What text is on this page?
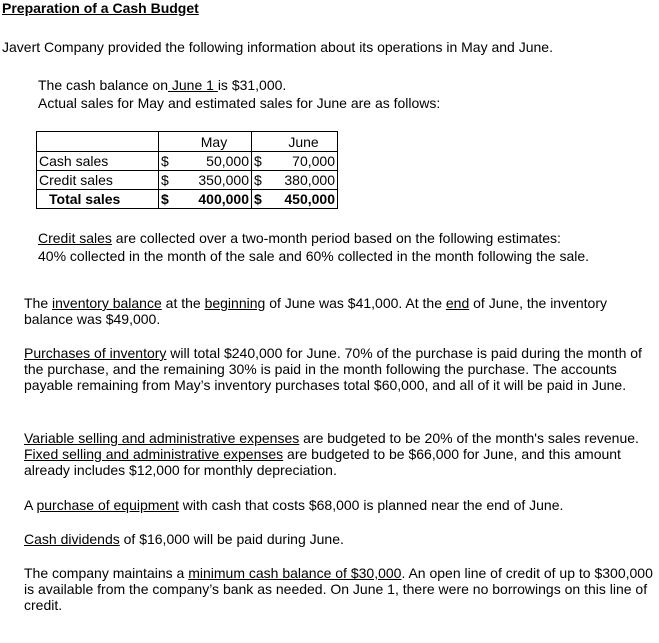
Preparation of a Cash Budget
Javert Company provided the following information about its operations in May and June.
The cash balance on June 1 is $31,000.
Actual sales for May and estimated sales for June are as follows:
		May		June
Cash sales	$	50,000	$	70,000
Credit sales	$	350,000	$	380,000
Total sales	$	400,000	$	450,000
Credit sales are collected over a two-month period based on the following estimates:
40% collected in the month of the sale and 60% collected in the month following the sale.
The inventory balance at the beginning of June was $41,000. At the end of June, the inventory balance was $49,000.
Purchases of inventory will total $240,000 for June. 70% of the purchase is paid during the month of the purchase, and the remaining 30% is paid in the month following the purchase. The accounts payable remaining from May’s inventory purchases total $60,000, and all of it will be paid in June.
Variable selling and administrative expenses are budgeted to be 20% of the month's sales revenue. Fixed selling and administrative expenses are budgeted to be $66,000 for June, and this amount already includes $12,000 for monthly depreciation.
A purchase of equipment with cash that costs $68,000 is planned near the end of June.
Cash dividends of $16,000 will be paid during June.
The company maintains a minimum cash balance of $30,000. An open line of credit of up to $300,000 is available from the company’s bank as needed. On June 1, there were no borrowings on this line of credit.
